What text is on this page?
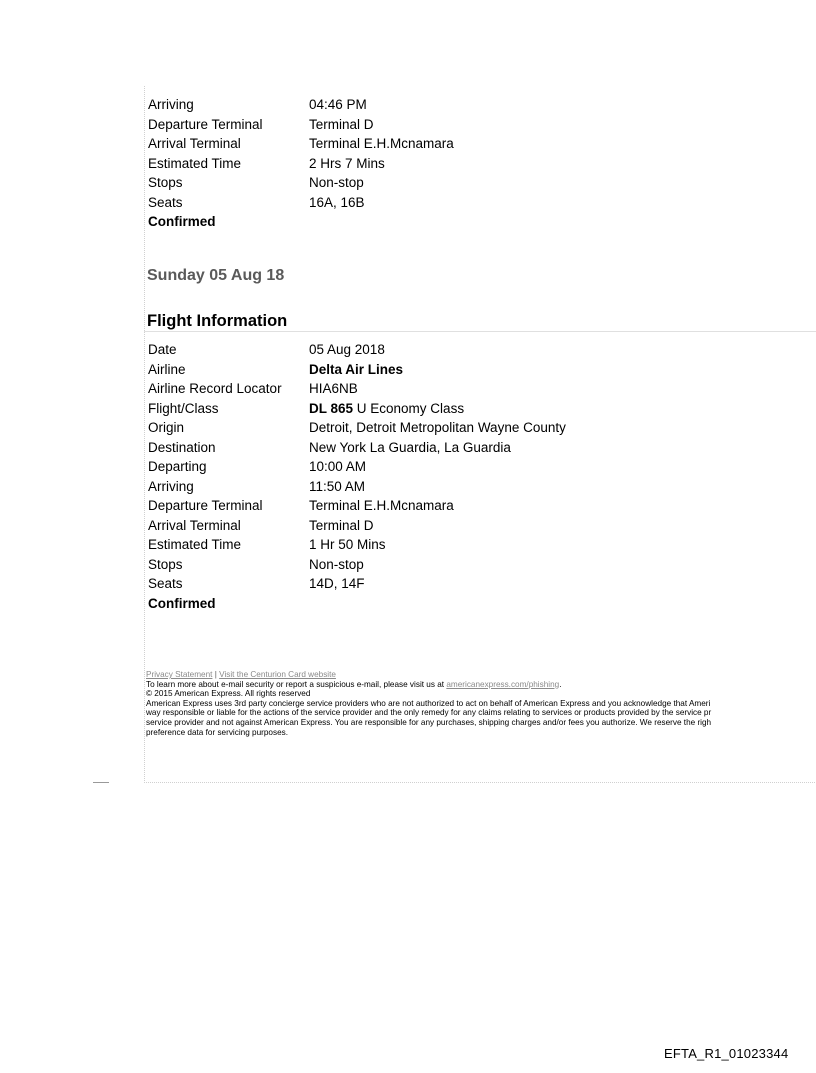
Arriving	04:46 PM
Departure Terminal	Terminal D
Arrival Terminal	Terminal E.H.Mcnamara
Estimated Time	2 Hrs 7 Mins
Stops	Non-stop
Seats	16A, 16B
Confirmed
Sunday 05 Aug 18
Flight Information
Date	05 Aug 2018
Airline	Delta Air Lines
Airline Record Locator HIA6NB
Flight/Class	DL 865 U Economy Class
Origin	Detroit, Detroit Metropolitan Wayne County
Destination	New York La Guardia, La Guardia
Departing	10:00 AM
Arriving	11:50 AM
Departure Terminal	Terminal E.H.Mcnamara
Arrival Terminal	Terminal D
Estimated Time	1 Hr 50 Mins
Stops	Non-stop
Seats	14D, 14F
Confirmed
Privacy Statement | Visit the Centurion Card website
To learn more about e-mail security or report a suspicious e-mail, please visit us at americanexpress.com/phishing.
© 2015 American Express. All rights reserved
American Express uses 3rd party concierge service providers who are not authorized to act on behalf of American Express and you acknowledge that Ameri
way responsible or liable for the actions of the service provider and the only remedy for any claims relating to services or products provided by the service pr
service provider and not against American Express. You are responsible for any purchases, shipping charges and/or fees you authorize. We reserve the righ
preference data for servicing purposes.
EFTA_R1_01023344
